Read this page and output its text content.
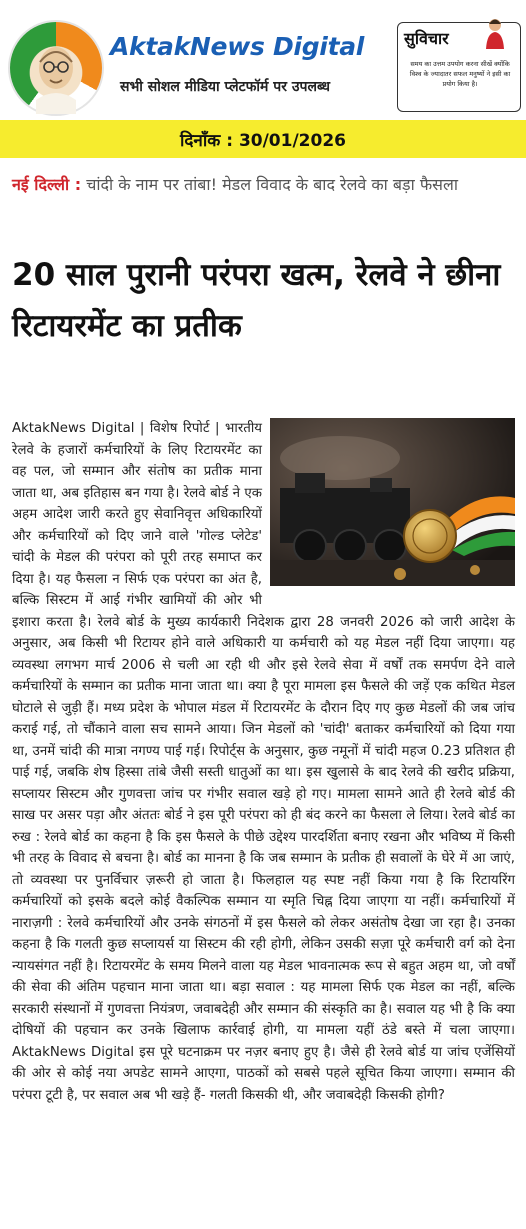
AktakNews Digital
सभी सोशल मीडिया प्लेटफॉर्म पर उपलब्ध
सुविचार
समय का उत्तम उपयोग करना सीखें क्योंकि विश्व के ज्यादातर सफल मनुष्यों ने इसी का प्रयोग किया है।
दिनाँक : 30/01/2026
नई दिल्ली : चांदी के नाम पर तांबा! मेडल विवाद के बाद रेलवे का बड़ा फैसला
20 साल पुरानी परंपरा खत्म, रेलवे ने छीना रिटायरमेंट का प्रतीक
AktakNews Digital | विशेष रिपोर्ट | भारतीय रेलवे के हजारों कर्मचारियों के लिए रिटायरमेंट का वह पल, जो सम्मान और संतोष का प्रतीक माना जाता था, अब इतिहास बन गया है। रेलवे बोर्ड ने एक अहम आदेश जारी करते हुए सेवानिवृत्त अधिकारियों और कर्मचारियों को दिए जाने वाले 'गोल्ड प्लेटेड' चांदी के मेडल की परंपरा को पूरी तरह समाप्त कर दिया है। यह फैसला न सिर्फ एक परंपरा का अंत है, बल्कि सिस्टम में आई गंभीर खामियों की ओर भी इशारा करता है। रेलवे बोर्ड के मुख्य कार्यकारी निदेशक द्वारा 28 जनवरी 2026 को जारी आदेश के अनुसार, अब किसी भी रिटायर होने वाले अधिकारी या कर्मचारी को यह मेडल नहीं दिया जाएगा। यह व्यवस्था लगभग मार्च 2006 से चली आ रही थी और इसे रेलवे सेवा में वर्षों तक समर्पण देने वाले कर्मचारियों के सम्मान का प्रतीक माना जाता था। क्या है पूरा मामला इस फैसले की जड़ें एक कथित मेडल घोटाले से जुड़ी हैं। मध्य प्रदेश के भोपाल मंडल में रिटायरमेंट के दौरान दिए गए कुछ मेडलों की जब जांच कराई गई, तो चौंकाने वाला सच सामने आया। जिन मेडलों को 'चांदी' बताकर कर्मचारियों को दिया गया था, उनमें चांदी की मात्रा नगण्य पाई गई। रिपोर्ट्स के अनुसार, कुछ नमूनों में चांदी महज 0.23 प्रतिशत ही पाई गई, जबकि शेष हिस्सा तांबे जैसी सस्ती धातुओं का था। इस खुलासे के बाद रेलवे की खरीद प्रक्रिया, सप्लायर सिस्टम और गुणवत्ता जांच पर गंभीर सवाल खड़े हो गए। मामला सामने आते ही रेलवे बोर्ड की साख पर असर पड़ा और अंततः बोर्ड ने इस पूरी परंपरा को ही बंद करने का फैसला ले लिया। रेलवे बोर्ड का रुख : रेलवे बोर्ड का कहना है कि इस फैसले के पीछे उद्देश्य पारदर्शिता बनाए रखना और भविष्य में किसी भी तरह के विवाद से बचना है। बोर्ड का मानना है कि जब सम्मान के प्रतीक ही सवालों के घेरे में आ जाएं, तो व्यवस्था पर पुनर्विचार ज़रूरी हो जाता है। फिलहाल यह स्पष्ट नहीं किया गया है कि रिटायरिंग कर्मचारियों को इसके बदले कोई वैकल्पिक सम्मान या स्मृति चिह्न दिया जाएगा या नहीं। कर्मचारियों में नाराज़गी : रेलवे कर्मचारियों और उनके संगठनों में इस फैसले को लेकर असंतोष देखा जा रहा है। उनका कहना है कि गलती कुछ सप्लायर्स या सिस्टम की रही होगी, लेकिन उसकी सज़ा पूरे कर्मचारी वर्ग को देना न्यायसंगत नहीं है। रिटायरमेंट के समय मिलने वाला यह मेडल भावनात्मक रूप से बहुत अहम था, जो वर्षों की सेवा की अंतिम पहचान माना जाता था। बड़ा सवाल : यह मामला सिर्फ एक मेडल का नहीं, बल्कि सरकारी संस्थानों में गुणवत्ता नियंत्रण, जवाबदेही और सम्मान की संस्कृति का है। सवाल यह भी है कि क्या दोषियों की पहचान कर उनके खिलाफ कार्रवाई होगी, या मामला यहीं ठंडे बस्ते में चला जाएगा। AktakNews Digital इस पूरे घटनाक्रम पर नज़र बनाए हुए है। जैसे ही रेलवे बोर्ड या जांच एजेंसियों की ओर से कोई नया अपडेट सामने आएगा, पाठकों को सबसे पहले सूचित किया जाएगा। सम्मान की परंपरा टूटी है, पर सवाल अब भी खड़े हैं- गलती किसकी थी, और जवाबदेही किसकी होगी?
